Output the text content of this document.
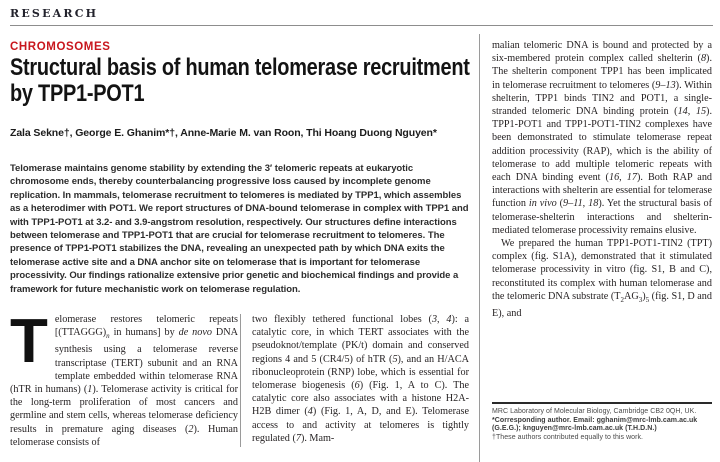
RESEARCH
CHROMOSOMES
Structural basis of human telomerase recruitment
by TPP1-POT1
Zala Sekne†, George E. Ghanim*†, Anne-Marie M. van Roon, Thi Hoang Duong Nguyen*
Telomerase maintains genome stability by extending the 3′ telomeric repeats at eukaryotic chromosome ends, thereby counterbalancing progressive loss caused by incomplete genome replication. In mammals, telomerase recruitment to telomeres is mediated by TPP1, which assembles as a heterodimer with POT1. We report structures of DNA-bound telomerase in complex with TPP1 and with TPP1-POT1 at 3.2- and 3.9-angstrom resolution, respectively. Our structures define interactions between telomerase and TPP1-POT1 that are crucial for telomerase recruitment to telomeres. The presence of TPP1-POT1 stabilizes the DNA, revealing an unexpected path by which DNA exits the telomerase active site and a DNA anchor site on telomerase that is important for telomerase processivity. Our findings rationalize extensive prior genetic and biochemical findings and provide a framework for future mechanistic work on telomerase regulation.
Telomerase restores telomeric repeats [$(TTAGGG)_n$ in humans] by de novo DNA synthesis using a telomerase reverse transcriptase (TERT) subunit and an RNA template embedded within telomerase RNA (hTR in humans) (1). Telomerase activity is critical for the long-term proliferation of most cancers and germline and stem cells, whereas telomerase deficiency results in premature aging diseases (2). Human telomerase consists of
two flexibly tethered functional lobes (3, 4): a catalytic core, in which TERT associates with the pseudoknot/template (PK/t) domain and conserved regions 4 and 5 (CR4/5) of hTR (5), and an H/ACA ribonucleoprotein (RNP) lobe, which is essential for telomerase biogenesis (6) (Fig. 1, A to C). The catalytic core also associates with a histone H2A-H2B dimer (4) (Fig. 1, A, D, and E). Telomerase access to and activity at telomeres is tightly regulated (7). Mam-

malian telomeric DNA is bound and protected by a six-membered protein complex called shelterin (8). The shelterin component TPP1 has been implicated in telomerase recruitment to telomeres (9–13). Within shelterin, TPP1 binds TIN2 and POT1, a single-stranded telomeric DNA binding protein (14, 15). TPP1-POT1 and TPP1-POT1-TIN2 complexes have been demonstrated to stimulate telomerase repeat addition processivity (RAP), which is the ability of telomerase to add multiple telomeric repeats with each DNA binding event (16, 17). Both RAP and interactions with shelterin are essential for telomerase function in vivo (9–11, 18). Yet the structural basis of telomerase-shelterin interactions and shelterin-mediated telomerase processivity remains elusive.

We prepared the human TPP1-POT1-TIN2 (TPT) complex (fig. S1A), demonstrated that it stimulated telomerase processivity in vitro (fig. S1, B and C), reconstituted its complex with human telomerase and the telomeric DNA substrate $(T_2AG_3)_5$ (fig. S1, D and E), and

MRC Laboratory of Molecular Biology, Cambridge CB2 0QH, UK.
*Corresponding author. Email: gghanim@mrc-lmb.cam.ac.uk (G.E.G.); knguyen@mrc-lmb.cam.ac.uk (T.H.D.N.)
†These authors contributed equally to this work.
